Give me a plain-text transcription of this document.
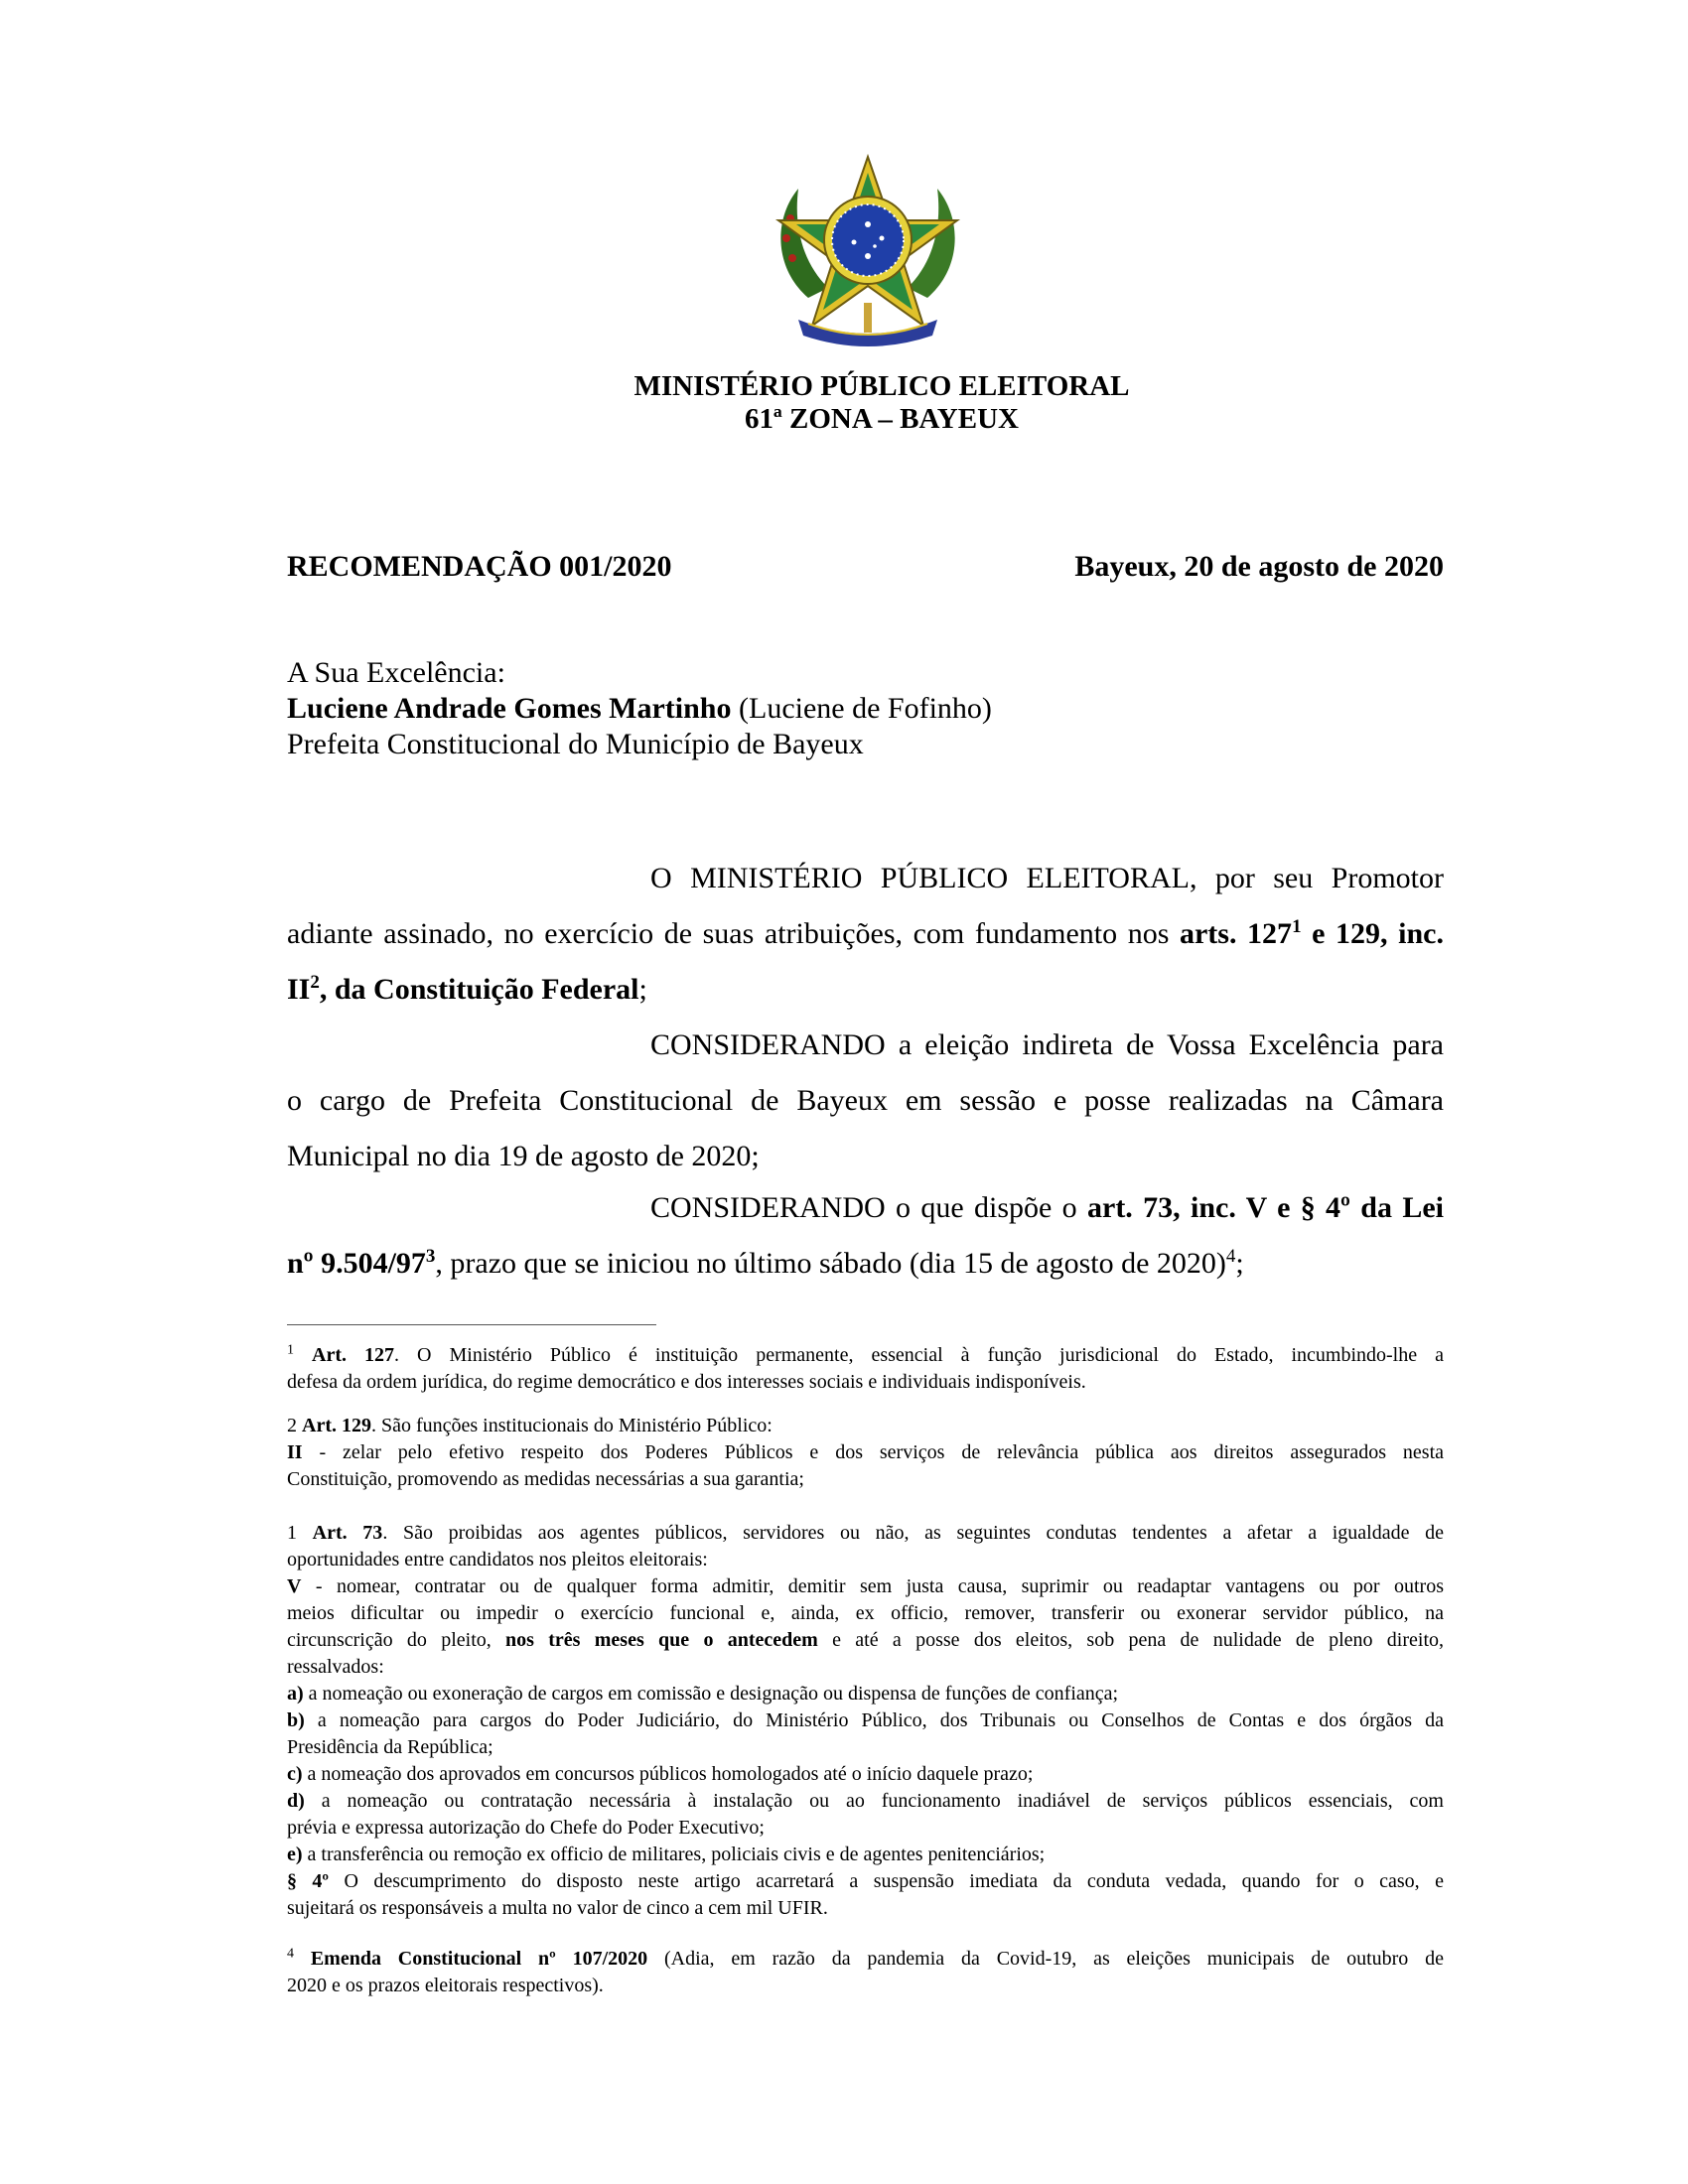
MINISTÉRIO PÚBLICO ELEITORAL
61ª ZONA – BAYEUX
RECOMENDAÇÃO 001/2020	Bayeux, 20 de agosto de 2020
A Sua Excelência:
Luciene Andrade Gomes Martinho (Luciene de Fofinho)
Prefeita Constitucional do Município de Bayeux
O MINISTÉRIO PÚBLICO ELEITORAL, por seu Promotor
adiante assinado, no exercício de suas atribuições, com fundamento nos arts. $127^1$ e 129, inc.
$II^2$, da Constituição Federal;
CONSIDERANDO a eleição indireta de Vossa Excelência para
o cargo de Prefeita Constitucional de Bayeux em sessão e posse realizadas na Câmara
Municipal no dia 19 de agosto de 2020;
CONSIDERANDO o que dispõe o art. 73, inc. V e § 4º da Lei
nº $9.504/97^3$, prazo que se iniciou no último sábado (dia 15 de agosto de 2020)$^4$;
$^1$ Art. 127. O Ministério Público é instituição permanente, essencial à função jurisdicional do Estado, incumbindo-lhe a
defesa da ordem jurídica, do regime democrático e dos interesses sociais e individuais indisponíveis.
2 Art. 129. São funções institucionais do Ministério Público:
II - zelar pelo efetivo respeito dos Poderes Públicos e dos serviços de relevância pública aos direitos assegurados nesta
Constituição, promovendo as medidas necessárias a sua garantia;
1 Art. 73. São proibidas aos agentes públicos, servidores ou não, as seguintes condutas tendentes a afetar a igualdade de
oportunidades entre candidatos nos pleitos eleitorais:
V - nomear, contratar ou de qualquer forma admitir, demitir sem justa causa, suprimir ou readaptar vantagens ou por outros
meios dificultar ou impedir o exercício funcional e, ainda, ex officio, remover, transferir ou exonerar servidor público, na
circunscrição do pleito, nos três meses que o antecedem e até a posse dos eleitos, sob pena de nulidade de pleno direito,
ressalvados:
a) a nomeação ou exoneração de cargos em comissão e designação ou dispensa de funções de confiança;
b) a nomeação para cargos do Poder Judiciário, do Ministério Público, dos Tribunais ou Conselhos de Contas e dos órgãos da
Presidência da República;
c) a nomeação dos aprovados em concursos públicos homologados até o início daquele prazo;
d) a nomeação ou contratação necessária à instalação ou ao funcionamento inadiável de serviços públicos essenciais, com
prévia e expressa autorização do Chefe do Poder Executivo;
e) a transferência ou remoção ex officio de militares, policiais civis e de agentes penitenciários;
§ 4º O descumprimento do disposto neste artigo acarretará a suspensão imediata da conduta vedada, quando for o caso, e
sujeitará os responsáveis a multa no valor de cinco a cem mil UFIR.
$^4$ Emenda Constitucional nº 107/2020 (Adia, em razão da pandemia da Covid-19, as eleições municipais de outubro de
2020 e os prazos eleitorais respectivos).
